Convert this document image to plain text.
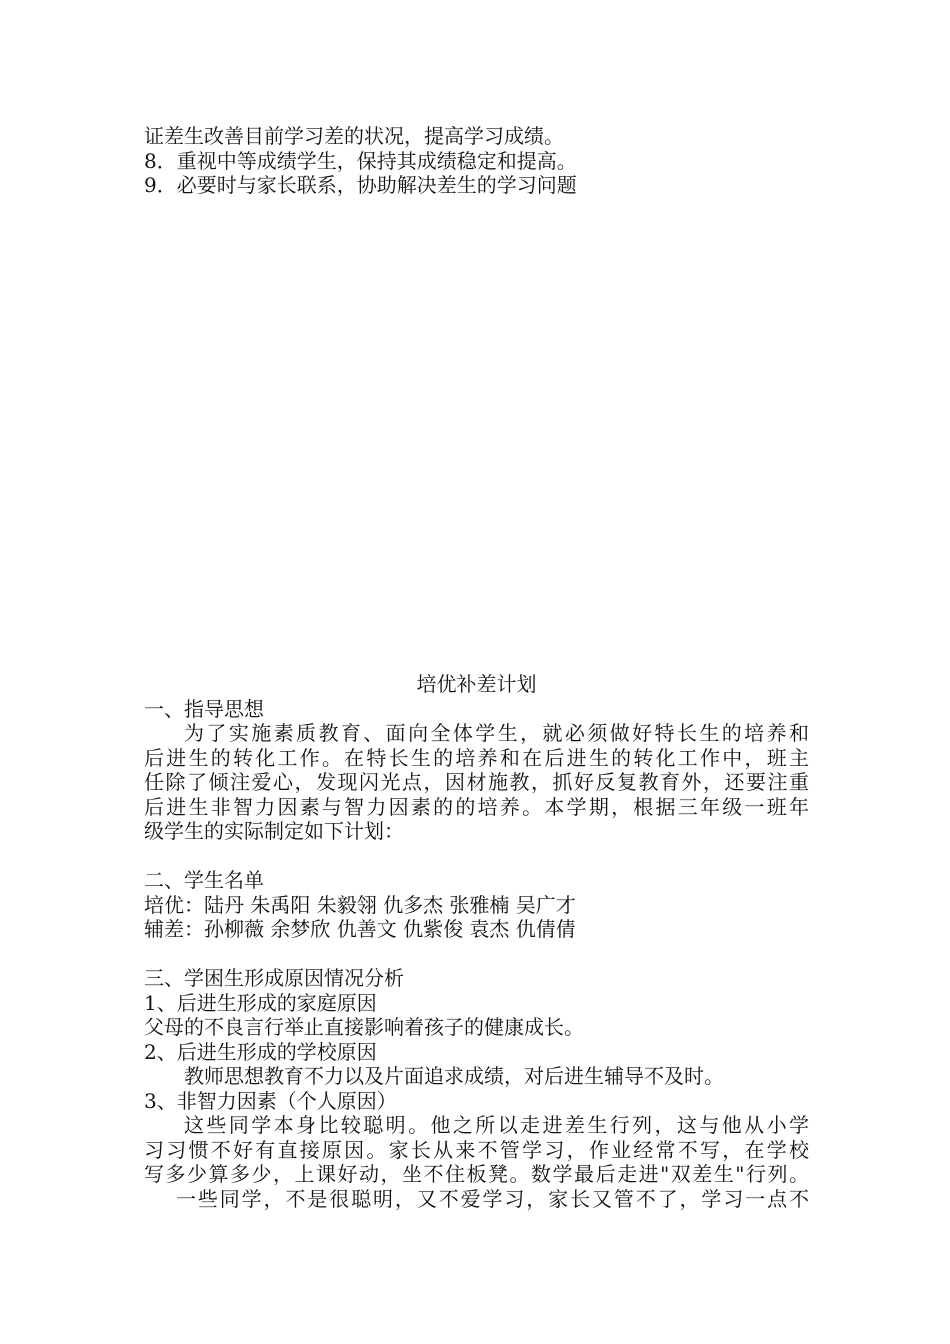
证差生改善目前学习差的状况，提高学习成绩。
8．重视中等成绩学生，保持其成绩稳定和提高。
9．必要时与家长联系，协助解决差生的学习问题
培优补差计划
一、指导思想
为了实施素质教育、面向全体学生，就必须做好特长生的培养和
后进生的转化工作。在特长生的培养和在后进生的转化工作中，班主
任除了倾注爱心，发现闪光点，因材施教，抓好反复教育外，还要注重
后进生非智力因素与智力因素的的培养。本学期，根据三年级一班年
级学生的实际制定如下计划：
二、学生名单
培优：陆丹 朱禹阳 朱毅翎 仇多杰 张雅楠 吴广才
辅差：孙柳薇 余梦欣 仇善文 仇紫俊 袁杰 仇倩倩
三、学困生形成原因情况分析
1、后进生形成的家庭原因
父母的不良言行举止直接影响着孩子的健康成长。
2、后进生形成的学校原因
教师思想教育不力以及片面追求成绩，对后进生辅导不及时。
3、非智力因素（个人原因）
这些同学本身比较聪明。他之所以走进差生行列，这与他从小学
习习惯不好有直接原因。家长从来不管学习，作业经常不写，在学校
写多少算多少，上课好动，坐不住板凳。数学最后走进"双差生"行列。
一些同学，不是很聪明，又不爱学习，家长又管不了，学习一点不
